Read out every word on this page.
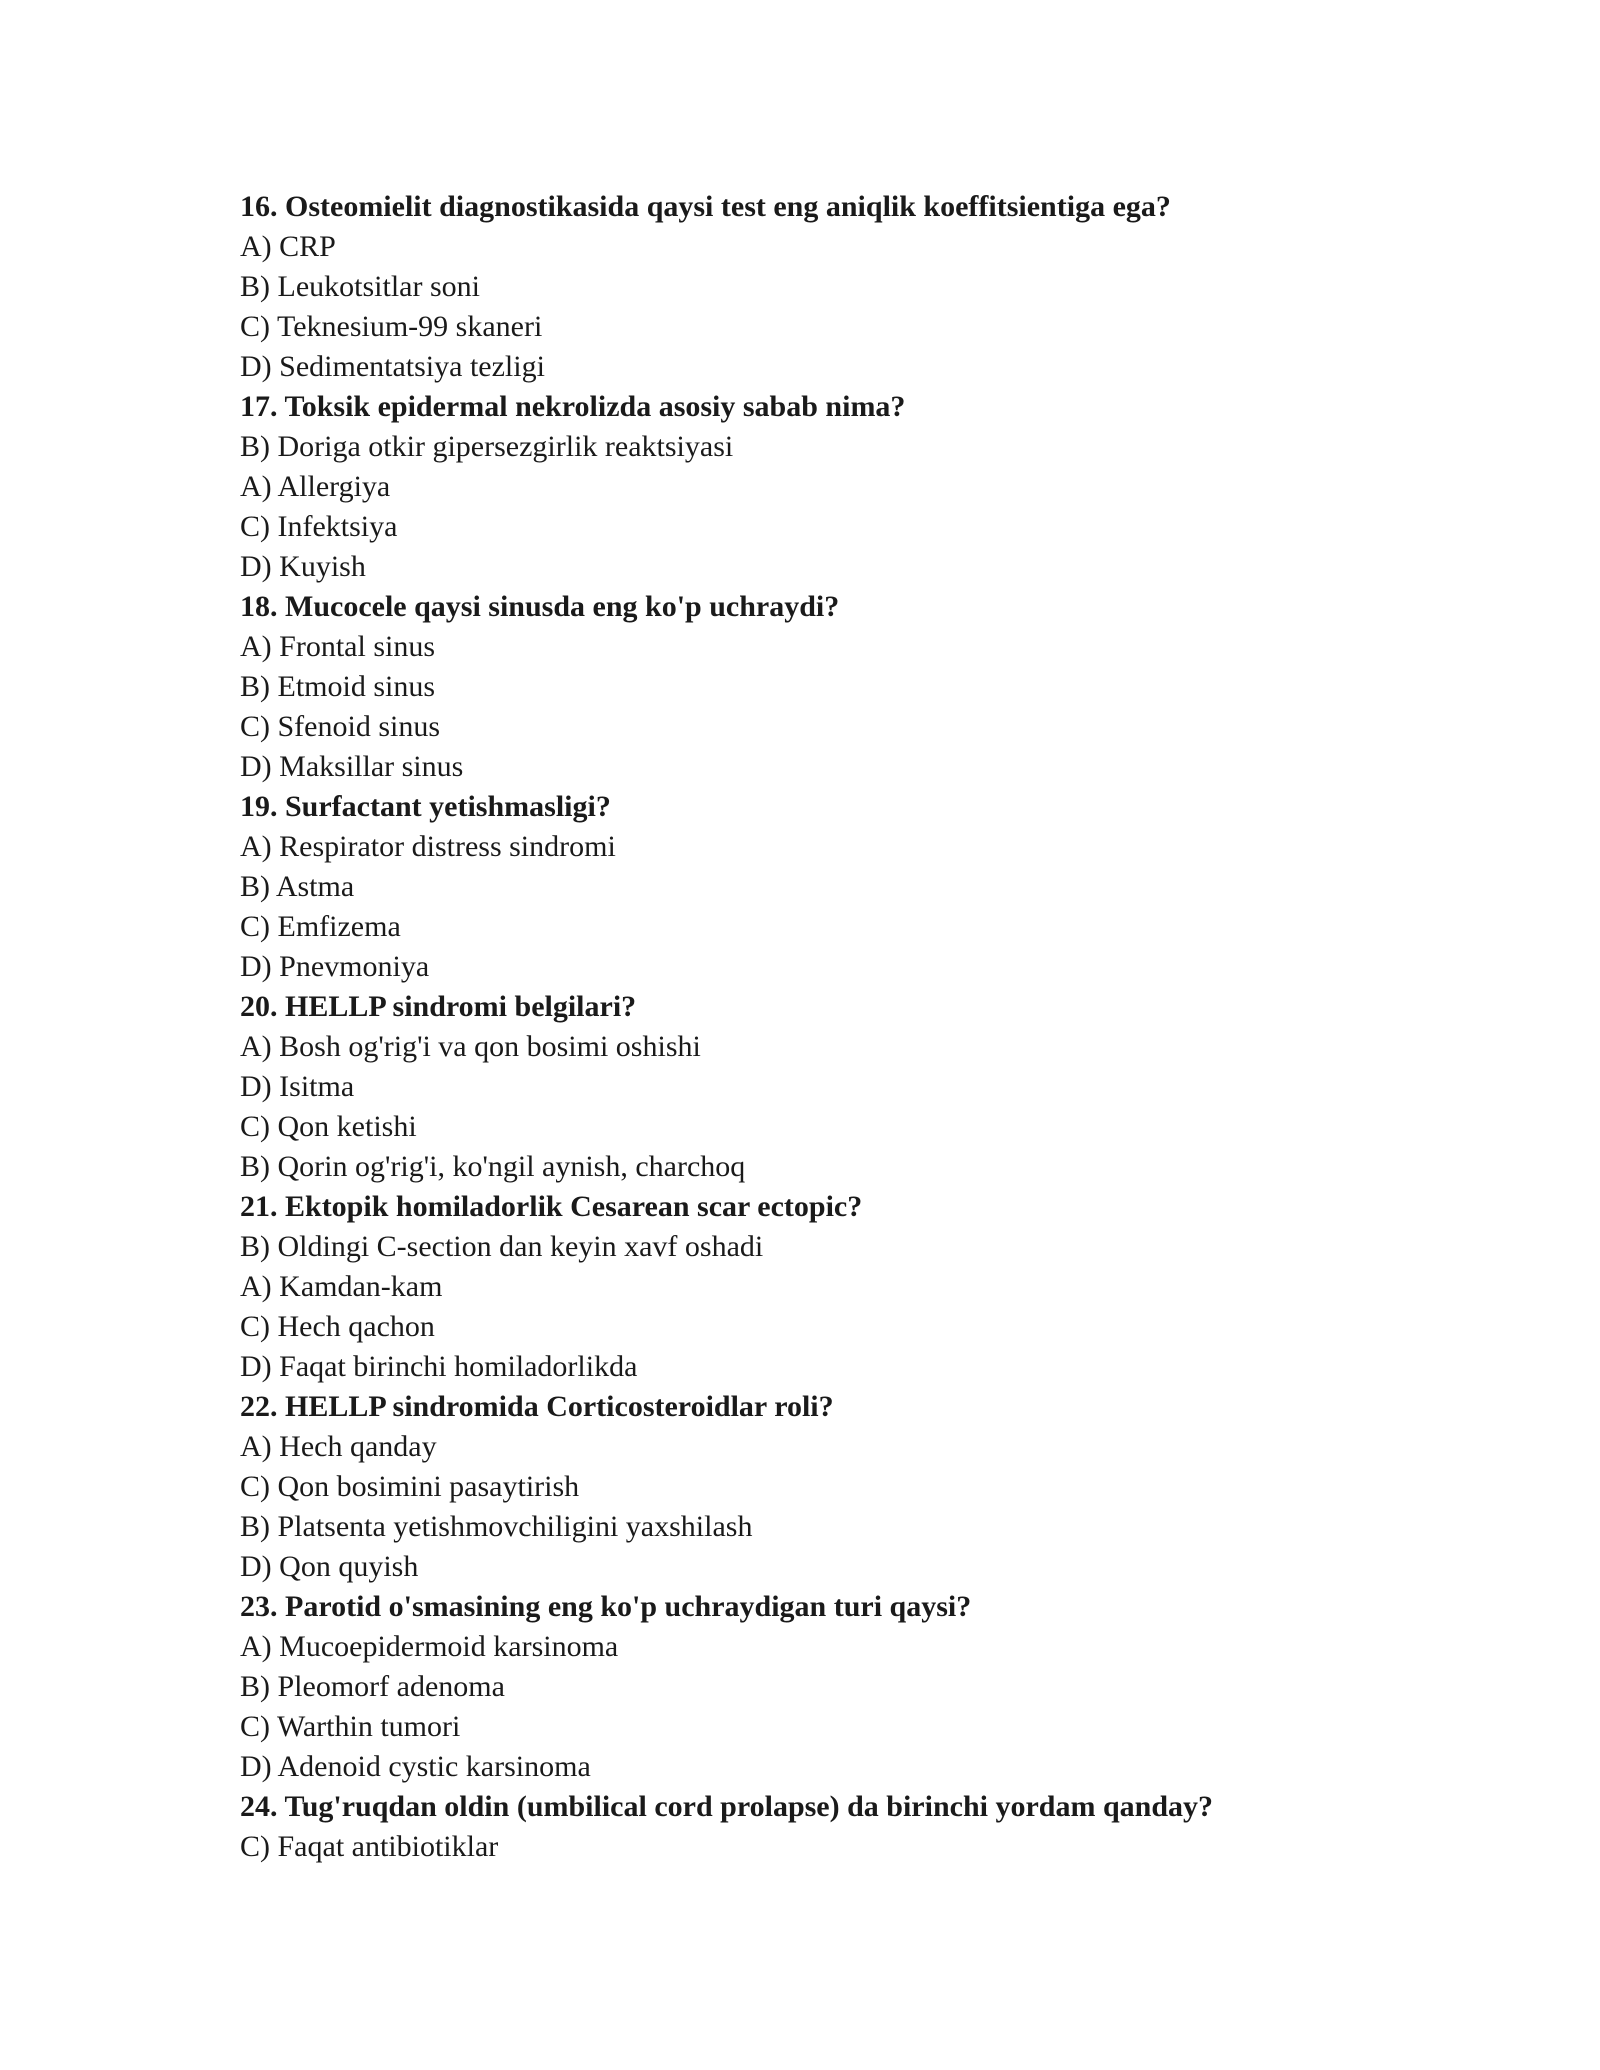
16. Osteomielit diagnostikasida qaysi test eng aniqlik koeffitsientiga ega?
A) CRP
B) Leukotsitlar soni
C) Teknesium-99 skaneri
D) Sedimentatsiya tezligi
17. Toksik epidermal nekrolizda asosiy sabab nima?
B) Doriga otkir gipersezgirlik reaktsiyasi
A) Allergiya
C) Infektsiya
D) Kuyish
18. Mucocele qaysi sinusda eng ko'p uchraydi?
A) Frontal sinus
B) Etmoid sinus
C) Sfenoid sinus
D) Maksillar sinus
19. Surfactant yetishmasligi?
A) Respirator distress sindromi
B) Astma
C) Emfizema
D) Pnevmoniya
20. HELLP sindromi belgilari?
A) Bosh og'rig'i va qon bosimi oshishi
D) Isitma
C) Qon ketishi
B) Qorin og'rig'i, ko'ngil aynish, charchoq
21. Ektopik homiladorlik Cesarean scar ectopic?
B) Oldingi C-section dan keyin xavf oshadi
A) Kamdan-kam
C) Hech qachon
D) Faqat birinchi homiladorlikda
22. HELLP sindromida Corticosteroidlar roli?
A) Hech qanday
C) Qon bosimini pasaytirish
B) Platsenta yetishmovchiligini yaxshilash
D) Qon quyish
23. Parotid o'smasining eng ko'p uchraydigan turi qaysi?
A) Mucoepidermoid karsinoma
B) Pleomorf adenoma
C) Warthin tumori
D) Adenoid cystic karsinoma
24. Tug'ruqdan oldin (umbilical cord prolapse) da birinchi yordam qanday?
C) Faqat antibiotiklar
